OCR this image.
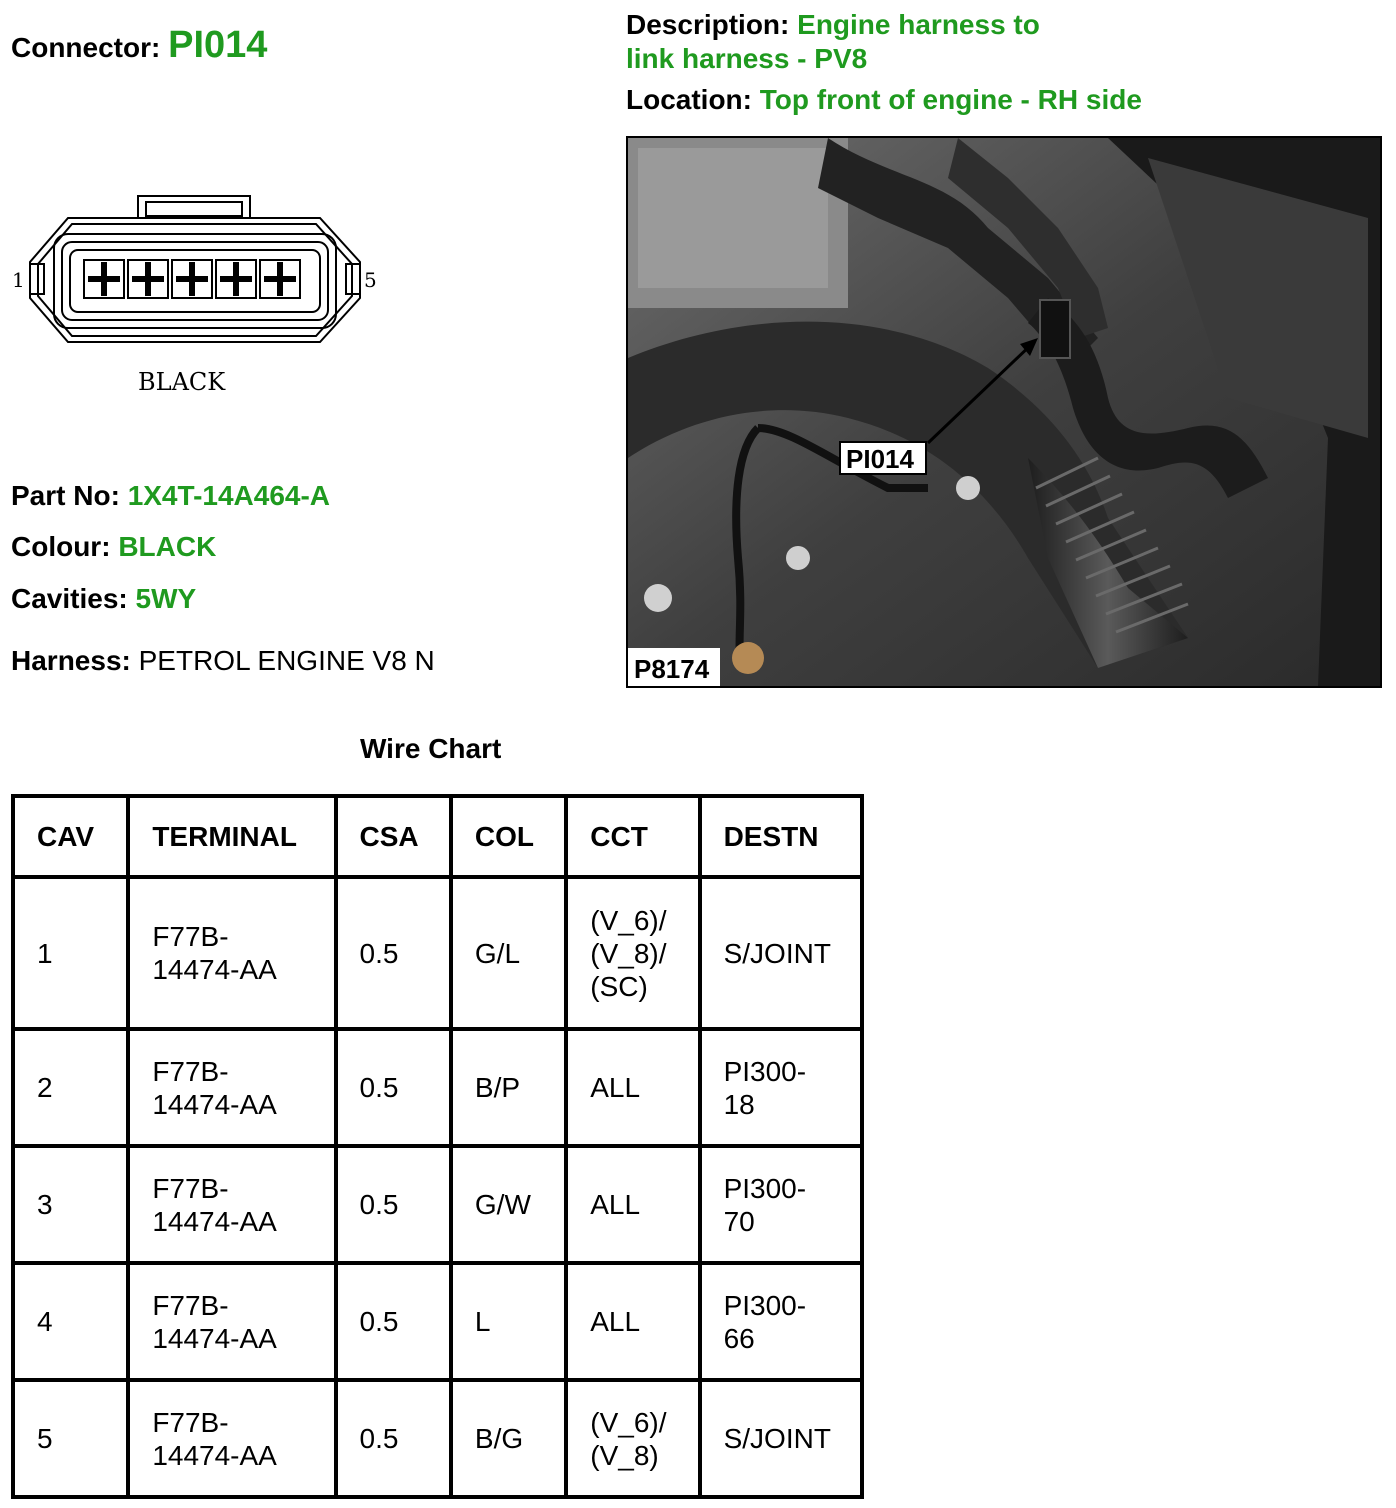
Connector: PI014	Description: Engine harness to
link harness - PV8
Location: Top front of engine - RH side
1	5
BLACK
Part No: 1X4T-14A464-A
Colour: BLACK
Cavities: 5WY
Harness: PETROL ENGINE V8 N
PI014
P8174
Wire Chart
CAV	TERMINAL	CSA	COL	CCT	DESTN
1	F77B-
14474-AA	0.5	G/L	(V_6)/
(V_8)/
(SC)	S/JOINT
2	F77B-
14474-AA	0.5	B/P	ALL	PI300-
18
3	F77B-
14474-AA	0.5	G/W	ALL	PI300-
70
4	F77B-
14474-AA	0.5	L	ALL	PI300-
66
5	F77B-
14474-AA	0.5	B/G	(V_6)/
(V_8)	S/JOINT
